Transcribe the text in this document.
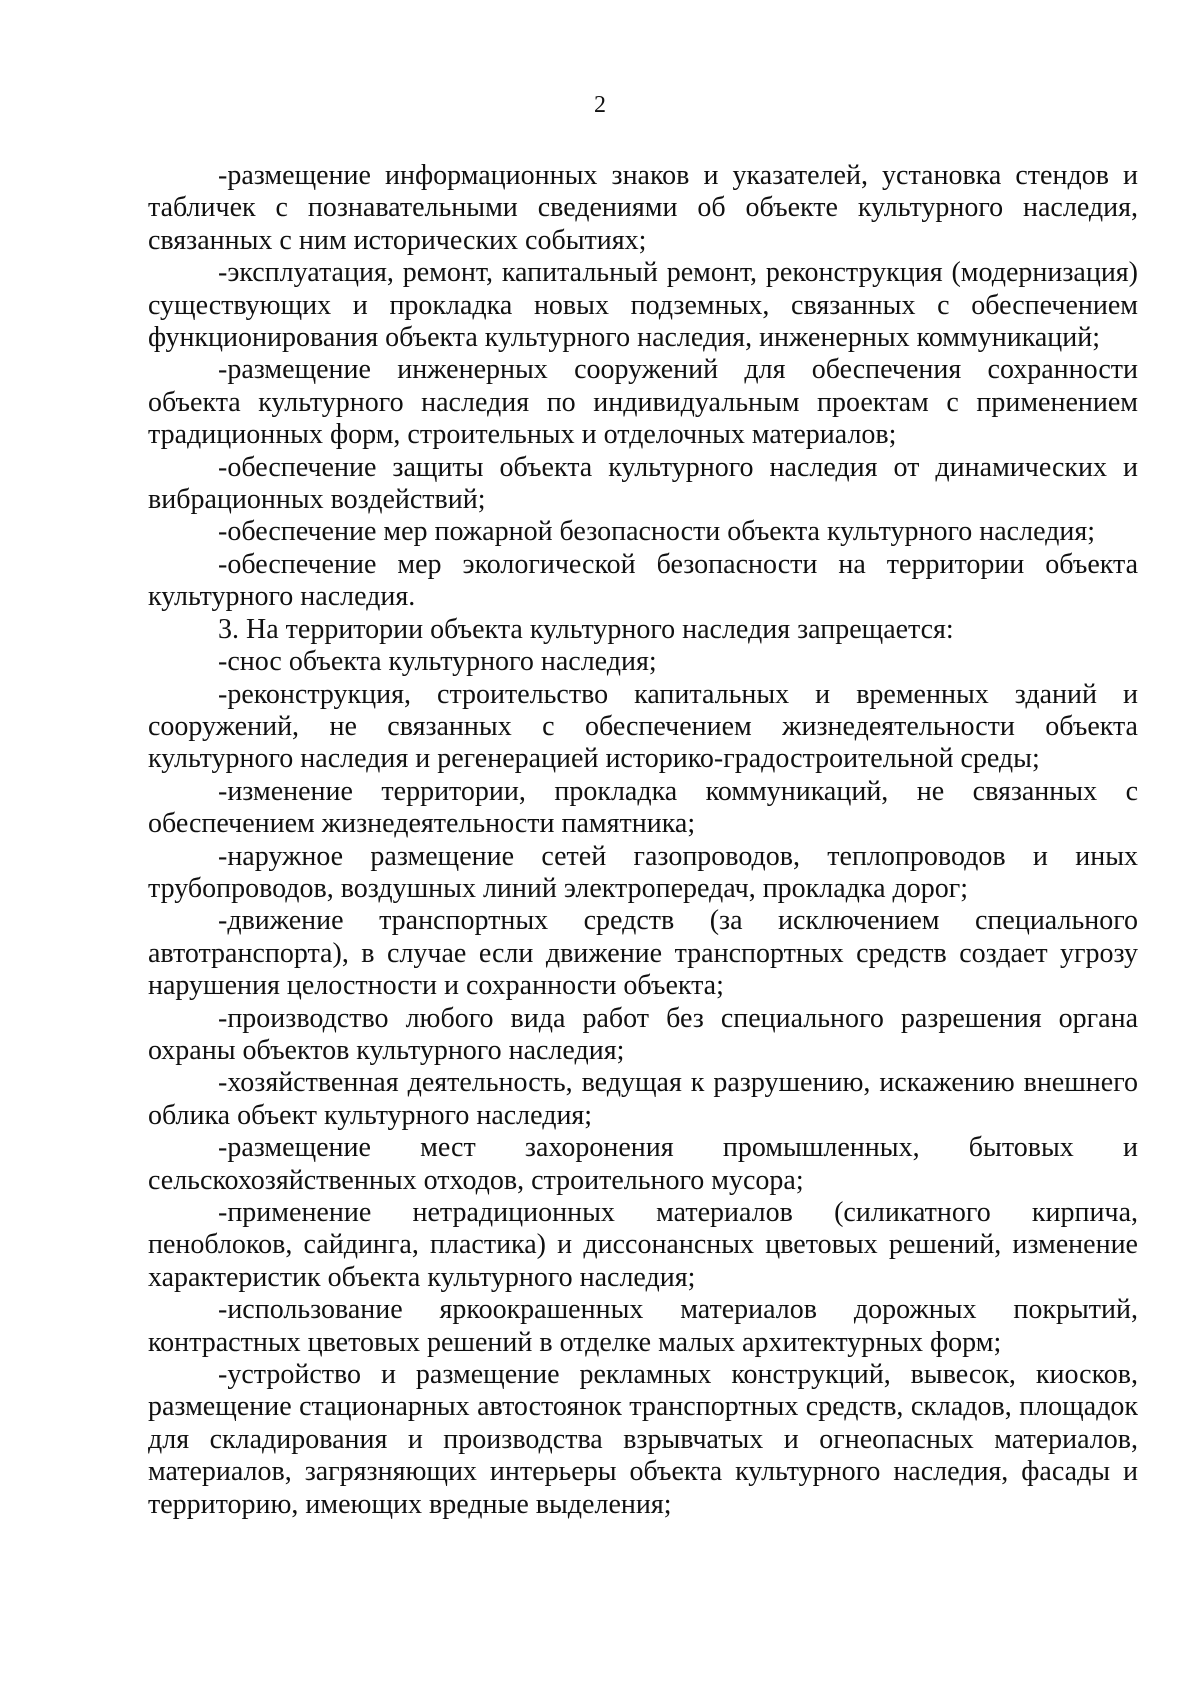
2

-размещение информационных знаков и указателей, установка стендов и табличек с познавательными сведениями об объекте культурного наследия, связанных с ним исторических событиях;

-эксплуатация, ремонт, капитальный ремонт, реконструкция (модернизация) существующих и прокладка новых подземных, связанных с обеспечением функционирования объекта культурного наследия, инженерных коммуникаций;

-размещение инженерных сооружений для обеспечения сохранности объекта культурного наследия по индивидуальным проектам с применением традиционных форм, строительных и отделочных материалов;

-обеспечение защиты объекта культурного наследия от динамических и вибрационных воздействий;

-обеспечение мер пожарной безопасности объекта культурного наследия;

-обеспечение мер экологической безопасности на территории объекта культурного наследия.

3. На территории объекта культурного наследия запрещается:

-снос объекта культурного наследия;

-реконструкция, строительство капитальных и временных зданий и сооружений, не связанных с обеспечением жизнедеятельности объекта культурного наследия и регенерацией историко-градостроительной среды;

-изменение территории, прокладка коммуникаций, не связанных с обеспечением жизнедеятельности памятника;

-наружное размещение сетей газопроводов, теплопроводов и иных трубопроводов, воздушных линий электропередач, прокладка дорог;

-движение транспортных средств (за исключением специального автотранспорта), в случае если движение транспортных средств создает угрозу нарушения целостности и сохранности объекта;

-производство любого вида работ без специального разрешения органа охраны объектов культурного наследия;

-хозяйственная деятельность, ведущая к разрушению, искажению внешнего облика объект культурного наследия;

-размещение мест захоронения промышленных, бытовых и сельскохозяйственных отходов, строительного мусора;

-применение нетрадиционных материалов (силикатного кирпича, пеноблоков, сайдинга, пластика) и диссонансных цветовых решений, изменение характеристик объекта культурного наследия;

-использование яркоокрашенных материалов дорожных покрытий, контрастных цветовых решений в отделке малых архитектурных форм;

-устройство и размещение рекламных конструкций, вывесок, киосков, размещение стационарных автостоянок транспортных средств, складов, площадок для складирования и производства взрывчатых и огнеопасных материалов, материалов, загрязняющих интерьеры объекта культурного наследия, фасады и территорию, имеющих вредные выделения;
